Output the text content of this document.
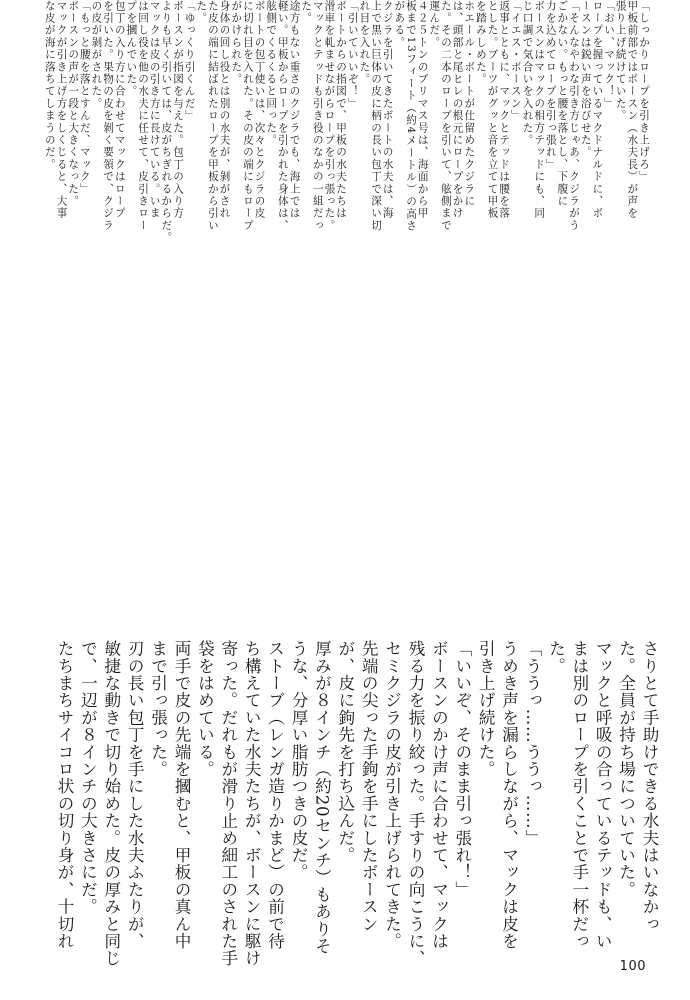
「しっかりロープを引き上げろ」
甲板前部ではボースン（水夫長）が声を
張り上げ続けていた。
「おい、マック！」
ロープを握っているマクドナルドに、ボ
ースンは鋭い声を浴びせた。
「そんなやわな引き方じゃあ、クジラがう
ごかない。もっと腰を落とし、下腹に
力を込めてロープを引っ張れ」
ボースンはマックの相方テッドにも、同
じ口調で気合いを入れた。
「イエス・ボースン」
返事とともに、マックとテッドは腰を落
とした。ブーツがグッと音を立てて甲板
を踏みしめた。
ホエール・ボートが仕留めたクジラに
は、頭部と尾ヒレの根元にロープをかけ
た。その二本のロープを引いて、舷側まで
運んだ。
４２５トンのブリマス号は、海面から甲
板まで13フィート（約4メートル）の高さ
がある。
クジラを引いてきたボートの水夫は、海
上で黒い巨体の皮に柄の長い包丁で深い切
れ目を入れた。
「引いていいぞ！」
ボートからの指図で、甲板の水夫たちは
滑車を軋ませながらロープを引っ張った。
マックとテッドも引き役のなかの一組だっ
た。
途方もない重さのクジラでも、海上では
軽い。甲板からロープを引かれた身体は、
舷側でくるくると回った。
ボートの包丁使いは、次々とクジラの皮
に切れ目を入れた。その皮の端にもロープ
がかけられた。
身体の回し役とは別の水夫が、剝がされ
た皮の端に結ばれたロープを甲板から引い
た。
「ゆっくり引くんだ」
ボースンが指図を与えた。包丁の入り方
よりも早く引いては、皮がちぎれるからだ。
マックは皮の引き方に長けている。いま
は回し役を他の水夫に任せて、皮引きロー
プを摑んでいた。
包丁の入り方に合わせてマックはロープ
を引いた。果物の皮を剝く要領で、クジラ
の皮が剝がされた。
「もっと腰を落とすんだ、マック」
ボースンの声が一段と大きくなった。
マックが引き上げ方をしくじると、大事
な皮が海に落ちてしまうのだ。
さりとて手助けできる水夫はいなかっ
た。全員が持ち場についていた。
マックと呼吸の合っているテッドも、い
まは別のロープを引くことで手一杯だっ
た。
「ううっ……ううっ……」
うめき声を漏らしながら、マックは皮を
引き上げ続けた。
「いいぞ、そのまま引っ張れ！」
ボースンのかけ声に合わせて、マックは
残る力を振り絞った。手すりの向こうに、
セミクジラの皮が引き上げられてきた。
先端の尖った手鉤を手にしたボースン
が、皮に鉤先を打ち込んだ。
厚みが８インチ（約20センチ）もありそ
うな、分厚い脂肪つきの皮だ。
ストーブ（レンガ造りかまど）の前で待
ち構えていた水夫たちが、ボースンに駆け
寄った。だれもが滑り止め細工のされた手
袋をはめている。
両手で皮の先端を摑むと、甲板の真ん中
まで引っ張った。
刃の長い包丁を手にした水夫ふたりが、
敏捷な動きで切り始めた。皮の厚みと同じ
で、一辺が８インチの大きさにだ。
たちまちサイコロ状の切り身が、十切れ
100
